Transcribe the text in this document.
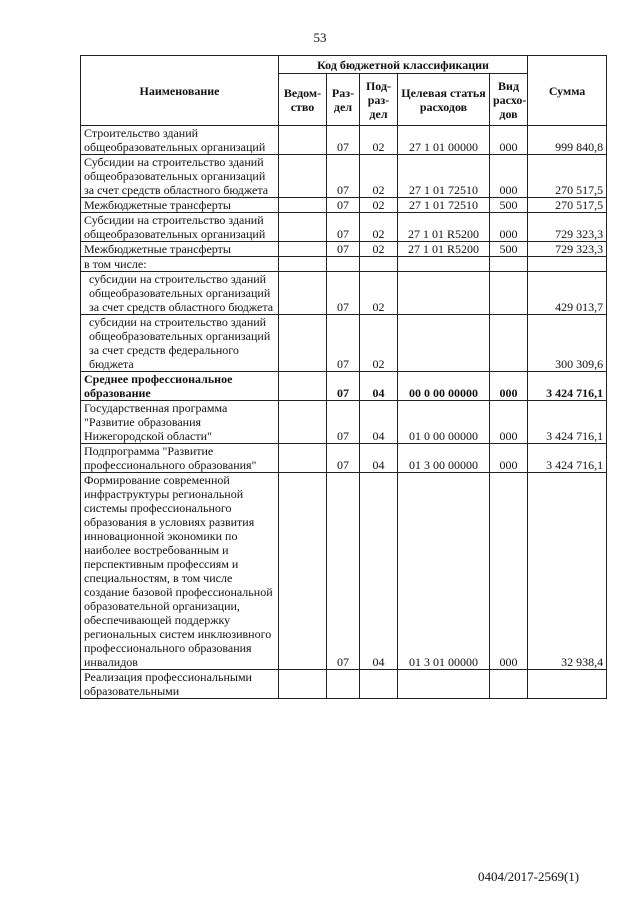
53
Наименование	Код бюджетной классификации					Сумма
	Ведом-ство	Раз-дел	Под-раз-дел	Целевая статья расходов	Вид расхо-дов	
Строительство зданий общеобразовательных организаций		07	02	27 1 01 00000	000	999 840,8
Субсидии на строительство зданий общеобразовательных организаций за счет средств областного бюджета		07	02	27 1 01 72510	000	270 517,5
Межбюджетные трансферты		07	02	27 1 01 72510	500	270 517,5
Субсидии на строительство зданий общеобразовательных организаций		07	02	27 1 01 R5200	000	729 323,3
Межбюджетные трансферты		07	02	27 1 01 R5200	500	729 323,3
в том числе:						
субсидии на строительство зданий общеобразовательных организаций за счет средств областного бюджета		07	02			429 013,7
субсидии на строительство зданий общеобразовательных организаций за счет средств федерального бюджета		07	02			300 309,6
Среднее профессиональное образование		07	04	00 0 00 00000	000	3 424 716,1
Государственная программа "Развитие образования Нижегородской области"		07	04	01 0 00 00000	000	3 424 716,1
Подпрограмма "Развитие профессионального образования"		07	04	01 3 00 00000	000	3 424 716,1
Формирование современной инфраструктуры региональной системы профессионального образования в условиях развития инновационной экономики по наиболее востребованным и перспективным профессиям и специальностям, в том числе создание базовой профессиональной образовательной организации, обеспечивающей поддержку региональных систем инклюзивного профессионального образования инвалидов		07	04	01 3 01 00000	000	32 938,4
Реализация профессиональными образовательными						
0404/2017-2569(1)
